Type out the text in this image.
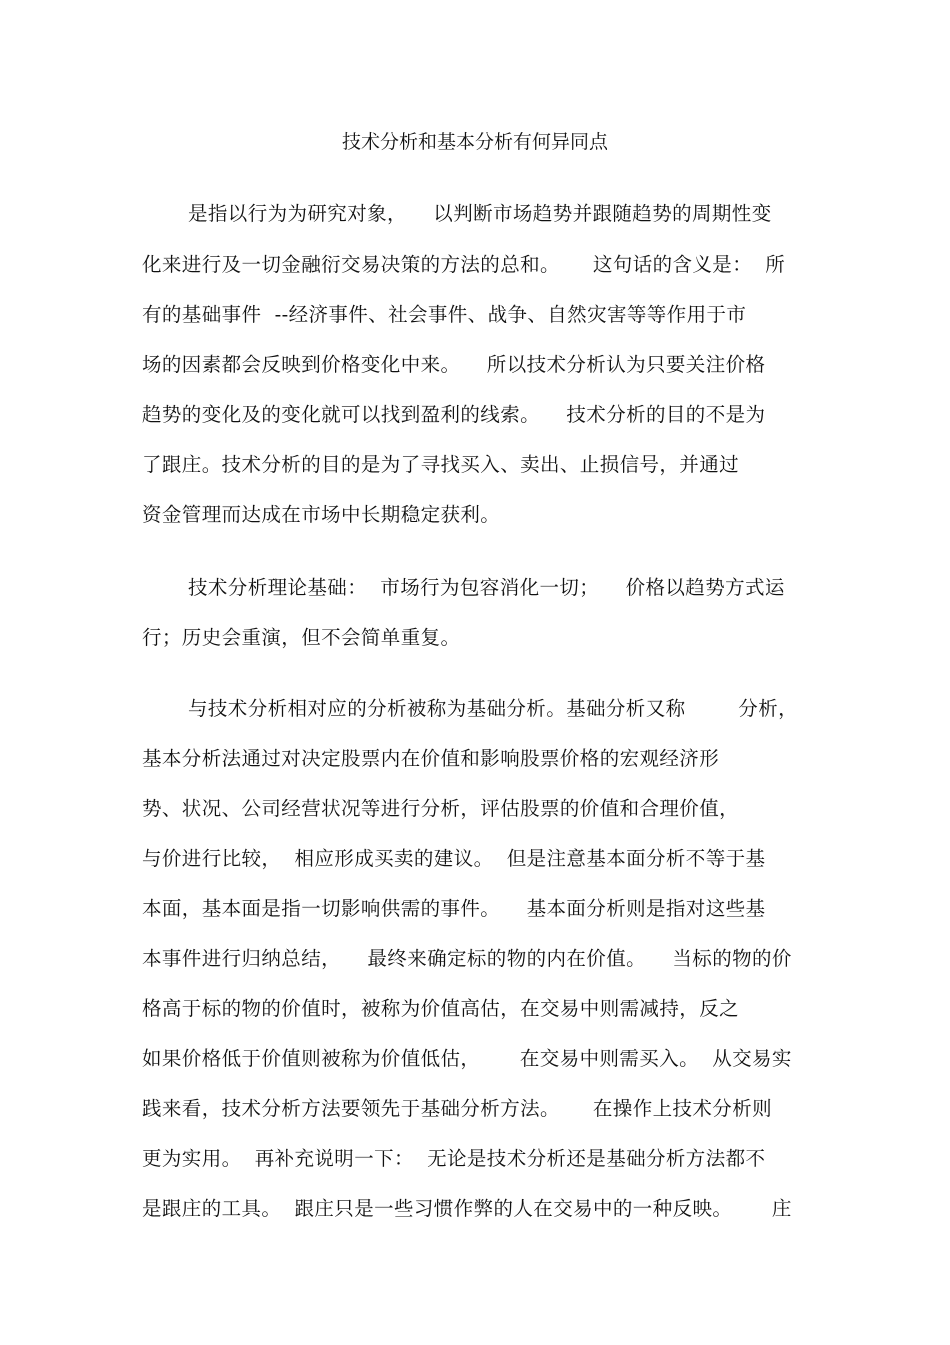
技术分析和基本分析有何异同点
是指以行为为研究对象，    以判断市场趋势并跟随趋势的周期性变
化来进行及一切金融衍交易决策的方法的总和。     这句话的含义是：  所
有的基础事件  --经济事件、社会事件、战争、自然灾害等等作用于市
场的因素都会反映到价格变化中来。    所以技术分析认为只要关注价格
趋势的变化及的变化就可以找到盈利的线索。    技术分析的目的不是为
了跟庄。技术分析的目的是为了寻找买入、卖出、止损信号，并通过
资金管理而达成在市场中长期稳定获利。
技术分析理论基础：  市场行为包容消化一切；    价格以趋势方式运
行；历史会重演，但不会简单重复。
与技术分析相对应的分析被称为基础分析。基础分析又称        分析，
基本分析法通过对决定股票内在价值和影响股票价格的宏观经济形
势、状况、公司经营状况等进行分析，评估股票的价值和合理价值，
与价进行比较，  相应形成买卖的建议。  但是注意基本面分析不等于基
本面，基本面是指一切影响供需的事件。    基本面分析则是指对这些基
本事件进行归纳总结，    最终来确定标的物的内在价值。    当标的物的价
格高于标的物的价值时，被称为价值高估，在交易中则需减持，反之
如果价格低于价值则被称为价值低估，      在交易中则需买入。  从交易实
践来看，技术分析方法要领先于基础分析方法。     在操作上技术分析则
更为实用。  再补充说明一下：  无论是技术分析还是基础分析方法都不
是跟庄的工具。  跟庄只是一些习惯作弊的人在交易中的一种反映。      庄
